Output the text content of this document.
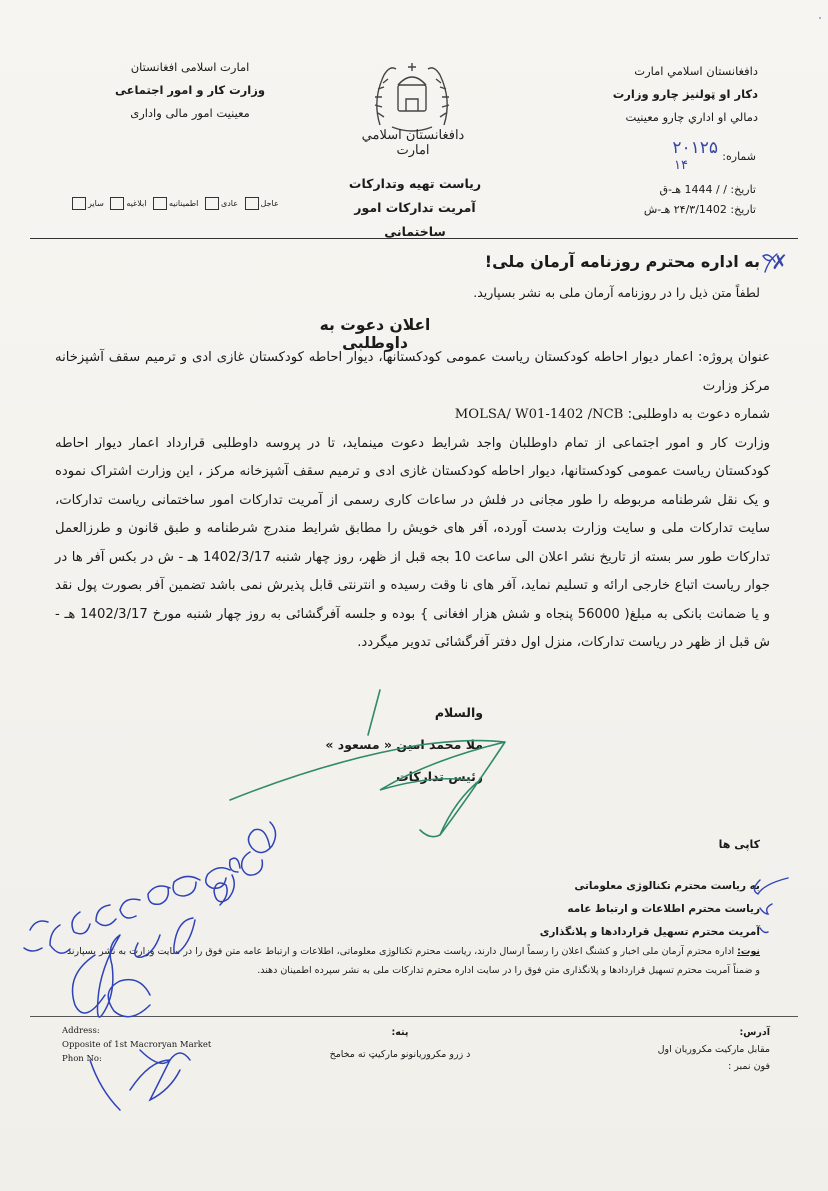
دافغانستان اسلامي امارت
دکار او ټولنیز چارو وزارت
دمالي او اداري چارو معینیت
امارت اسلامی افغانستان
وزارت کار و امور اجتماعی
معینیت امور مالی واداری
دافغانستان اسلامي امارت
ریاست تهیه وتدارکات
آمریت تدارکات امور ساختمانی
شماره:
۲۰۱۲۵
۱۴
تاریخ: / / 1444 هـ-ق
تاریخ: ۲۴/۳/1402 هـ-ش
عاجل

عادی

اطمینانیه

ابلاغیه

سایر
✗
به اداره محترم روزنامه آرمان ملی!
لطفاً متن ذیل را در روزنامه آرمان ملی به نشر بسپارید.
اعلان دعوت به داوطلبی

عنوان پروژه: اعمار دیوار احاطه کودکستان ریاست عمومی کودکستانها، دیوار احاطه کودکستان غازی ادی و ترمیم سقف آشپزخانه مرکز وزارت

شماره دعوت به داوطلبی: MOLSA/ W01-1402 /NCB

وزارت کار و امور اجتماعی از تمام داوطلبان واجد شرایط دعوت مینماید، تا در پروسه داوطلبی قرارداد اعمار دیوار احاطه کودکستان ریاست عمومی کودکستانها، دیوار احاطه کودکستان غازی ادی و ترمیم سقف آشپزخانه مرکز ، این وزارت اشتراک نموده و یک نقل شرطنامه مربوطه را طور مجانی در فلش در ساعات کاری رسمی از آمریت تدارکات امور ساختمانی ریاست تدارکات، سایت تدارکات ملی و سایت وزارت بدست آورده، آفر های خویش را مطابق شرایط مندرج شرطنامه و طبق قانون و طرزالعمل تدارکات طور سر بسته از تاریخ نشر اعلان الی ساعت 10 بجه قبل از ظهر، روز چهار شنبه 1402/3/17 هـ - ش در بکس آفر ها در جوار ریاست اتباع خارجی ارائه و تسلیم نماید، آفر های نا وقت رسیده و انترنتی قابل پذیرش نمی باشد تضمین آفر بصورت پول نقد و یا ضمانت بانکی به مبلغ( 56000 پنجاه و شش هزار افغانی } بوده و جلسه آفرگشائی به روز چهار شنبه مورخ 1402/3/17 هـ - ش قبل از ظهر در ریاست تدارکات، منزل اول دفتر آفرگشائی تدویر میگردد.

والسلام
ملا محمد امین « مسعود »
رئیس تدارکات
کاپی ها
به ریاست محترم تکنالوژی معلوماتی
ریاست محترم اطلاعات و ارتباط عامه
آمریت محترم تسهیل قراردادها و پلانگذاری
نوت: اداره محترم آرمان ملی اخبار و کشنگ اعلان را رسماً ارسال دارند، ریاست محترم تکنالوژی معلوماتی، اطلاعات و ارتباط عامه متن فوق را در سایت وزارت به نشر بسپارند و ضمناً آمریت محترم تسهیل قراردادها و پلانگذاری متن فوق را در سایت اداره محترم تدارکات ملی به نشر سپرده اطمینان دهند.
آدرس:
مقابل مارکیت مکروریان اول
فون نمبر :
پته:
د زرو مکروریانونو مارکیټ ته مخامخ
Address:
Opposite of 1st Macroryan Market
Phon No:
